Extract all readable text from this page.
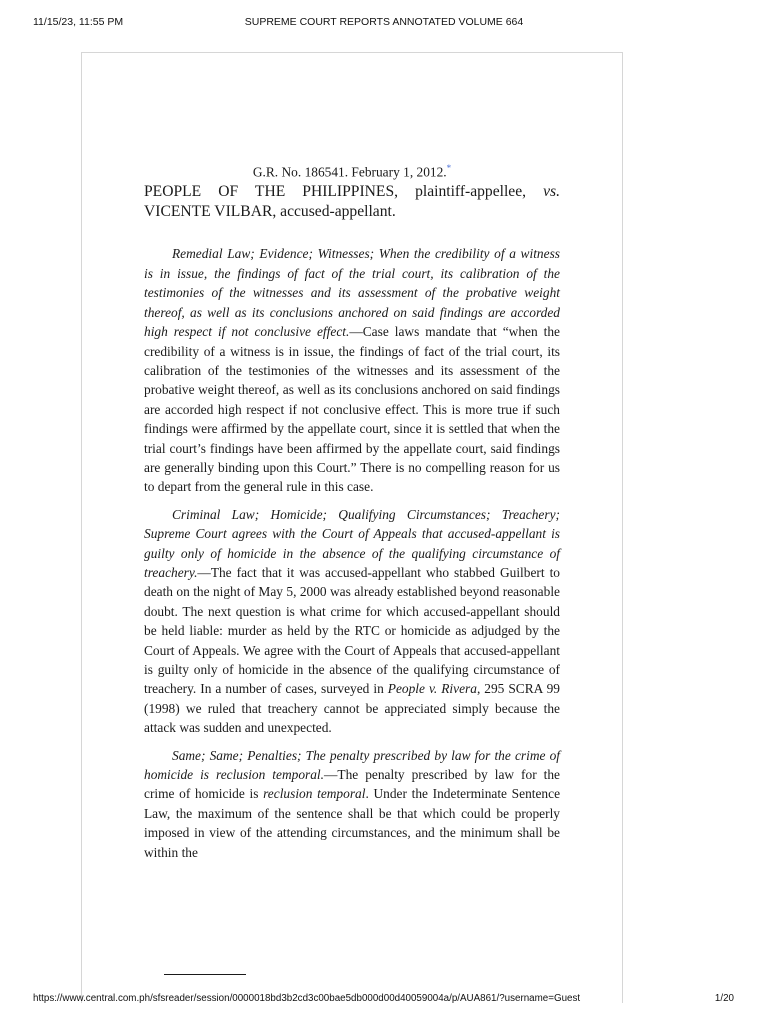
11/15/23, 11:55 PM	SUPREME COURT REPORTS ANNOTATED VOLUME 664
G.R. No. 186541. February 1, 2012.*

PEOPLE OF THE PHILIPPINES, plaintiff-appellee, vs. VICENTE VILBAR, accused-appellant.

Remedial Law; Evidence; Witnesses; When the credibility of a witness is in issue, the findings of fact of the trial court, its calibration of the testimonies of the witnesses and its assessment of the probative weight thereof, as well as its conclusions anchored on said findings are accorded high respect if not conclusive effect.—Case laws mandate that “when the credibility of a witness is in issue, the findings of fact of the trial court, its calibration of the testimonies of the witnesses and its assessment of the probative weight thereof, as well as its conclusions anchored on said findings are accorded high respect if not conclusive effect. This is more true if such findings were affirmed by the appellate court, since it is settled that when the trial court’s findings have been affirmed by the appellate court, said findings are generally binding upon this Court.” There is no compelling reason for us to depart from the general rule in this case.

Criminal Law; Homicide; Qualifying Circumstances; Treachery; Supreme Court agrees with the Court of Appeals that accused-appellant is guilty only of homicide in the absence of the qualifying circumstance of treachery.—The fact that it was accused-appellant who stabbed Guilbert to death on the night of May 5, 2000 was already established beyond reasonable doubt. The next question is what crime for which accused-appellant should be held liable: murder as held by the RTC or homicide as adjudged by the Court of Appeals. We agree with the Court of Appeals that accused-appellant is guilty only of homicide in the absence of the qualifying circumstance of treachery. In a number of cases, surveyed in People v. Rivera, 295 SCRA 99 (1998) we ruled that treachery cannot be appreciated simply because the attack was sudden and unexpected.

Same; Same; Penalties; The penalty prescribed by law for the crime of homicide is reclusion temporal.—The penalty prescribed by law for the crime of homicide is reclusion temporal. Under the Indeterminate Sentence Law, the maximum of the sentence shall be that which could be properly imposed in view of the attending circumstances, and the minimum shall be within the

https://www.central.com.ph/sfsreader/session/0000018bd3b2cd3c00bae5db000d00d40059004a/p/AUA861/?username=Guest	1/20
